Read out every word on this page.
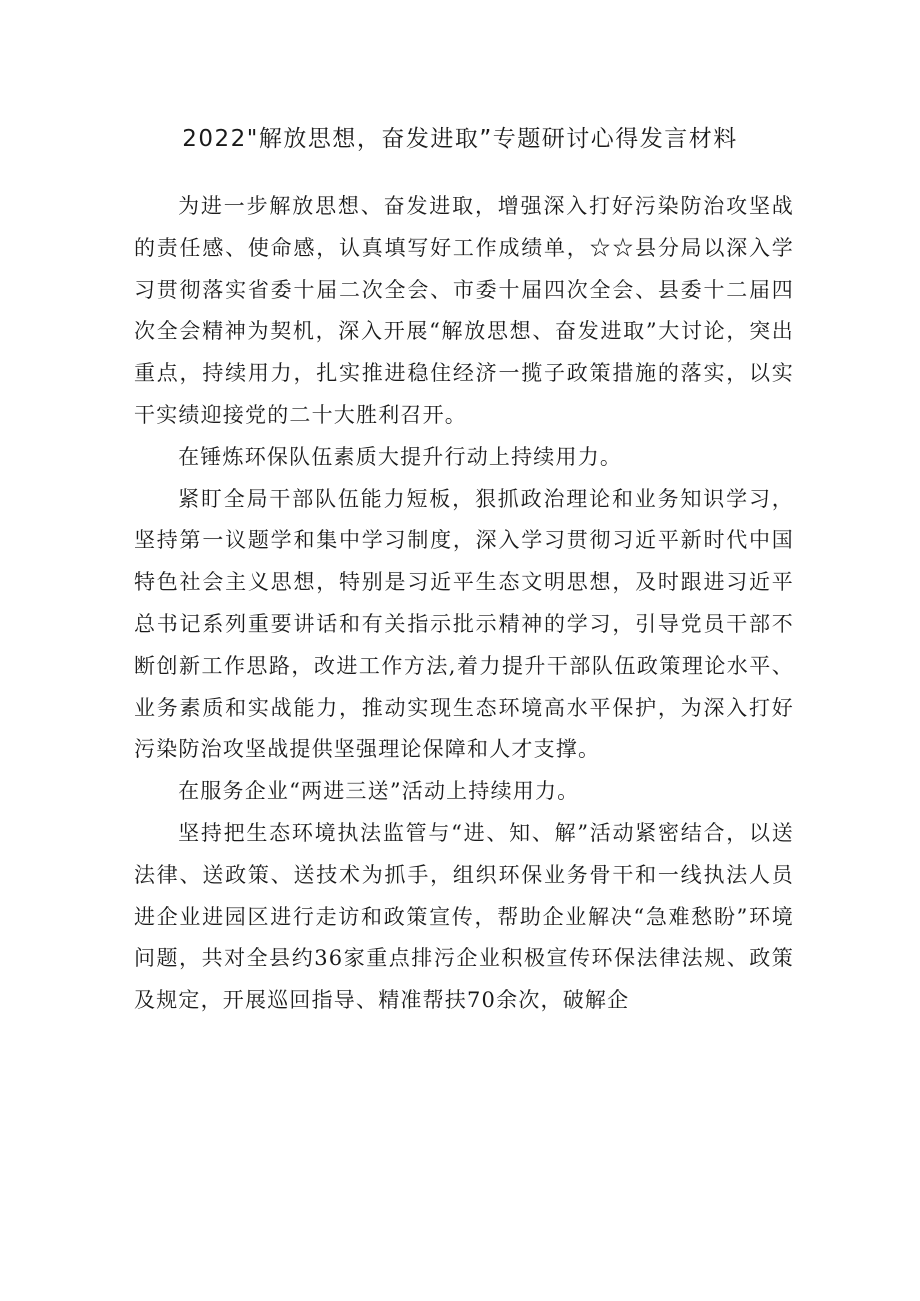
2022"解放思想，奋发进取”专题研讨心得发言材料

为进一步解放思想、奋发进取，增强深入打好污染防治攻坚战的责任感、使命感，认真填写好工作成绩单，☆☆县分局以深入学习贯彻落实省委十届二次全会、市委十届四次全会、县委十二届四次全会精神为契机，深入开展“解放思想、奋发进取”大讨论，突出重点，持续用力，扎实推进稳住经济一揽子政策措施的落实，以实干实绩迎接党的二十大胜利召开。

在锤炼环保队伍素质大提升行动上持续用力。

紧盯全局干部队伍能力短板，狠抓政治理论和业务知识学习，坚持第一议题学和集中学习制度，深入学习贯彻习近平新时代中国特色社会主义思想，特别是习近平生态文明思想，及时跟进习近平总书记系列重要讲话和有关指示批示精神的学习，引导党员干部不断创新工作思路，改进工作方法,着力提升干部队伍政策理论水平、业务素质和实战能力，推动实现生态环境高水平保护，为深入打好污染防治攻坚战提供坚强理论保障和人才支撑。

在服务企业“两进三送”活动上持续用力。

坚持把生态环境执法监管与“进、知、解”活动紧密结合，以送法律、送政策、送技术为抓手，组织环保业务骨干和一线执法人员进企业进园区进行走访和政策宣传，帮助企业解决“急难愁盼”环境问题，共对全县约36家重点排污企业积极宣传环保法律法规、政策及规定，开展巡回指导、精准帮扶70余次，破解企
